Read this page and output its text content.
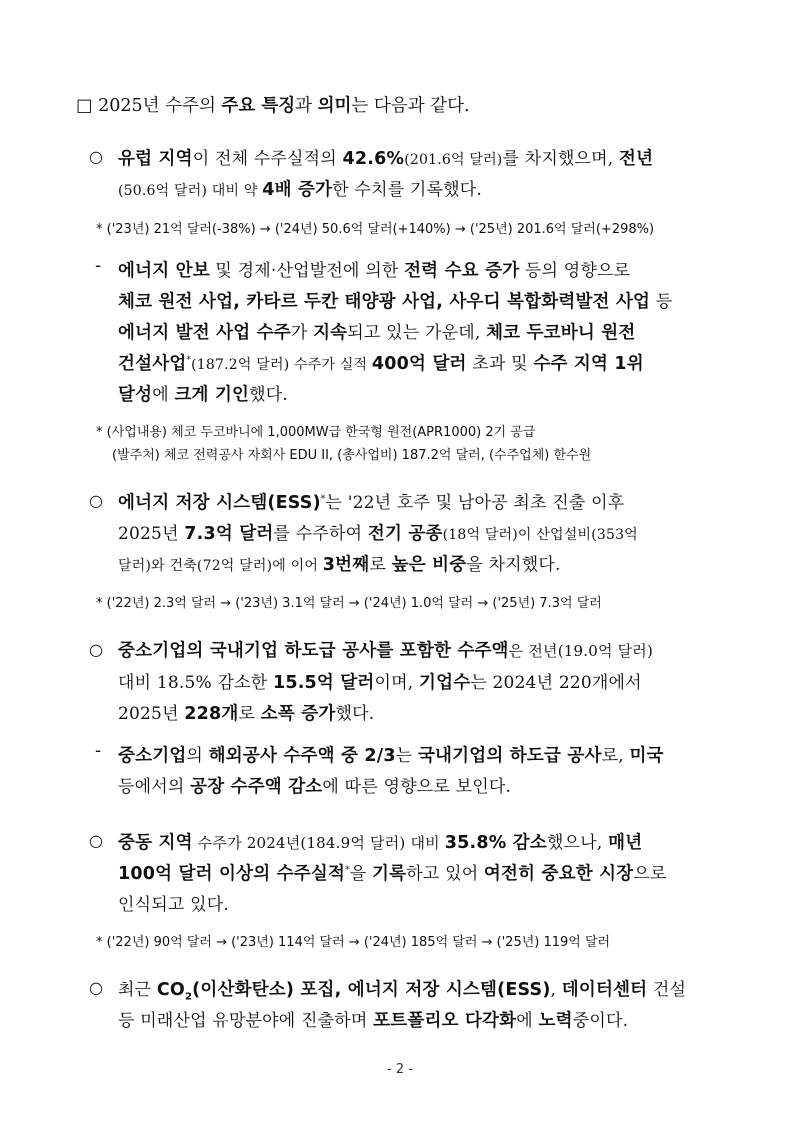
□ 2025년 수주의 주요 특징과 의미는 다음과 같다.
○ 유럽 지역이 전체 수주실적의 42.6%(201.6억 달러)를 차지했으며, 전년
(50.6억 달러) 대비 약 4배 증가한 수치를 기록했다.
* ('23년) 21억 달러(-38%) → ('24년) 50.6억 달러(+140%) → ('25년) 201.6억 달러(+298%)
- 에너지 안보 및 경제·산업발전에 의한 전력 수요 증가 등의 영향으로
체코 원전 사업, 카타르 두칸 태양광 사업, 사우디 복합화력발전 사업 등
에너지 발전 사업 수주가 지속되고 있는 가운데, 체코 두코바니 원전
건설사업*(187.2억 달러) 수주가 실적 400억 달러 초과 및 수주 지역 1위
달성에 크게 기인했다.
* (사업내용) 체코 두코바니에 1,000MW급 한국형 원전(APR1000) 2기 공급
(발주처) 체코 전력공사 자회사 EDU II, (총사업비) 187.2억 달러, (수주업체) 한수원
○ 에너지 저장 시스템(ESS)*는 '22년 호주 및 남아공 최초 진출 이후
2025년 7.3억 달러를 수주하여 전기 공종(18억 달러)이 산업설비(353억
달러)와 건축(72억 달러)에 이어 3번째로 높은 비중을 차지했다.
* ('22년) 2.3억 달러 → ('23년) 3.1억 달러 → ('24년) 1.0억 달러 → ('25년) 7.3억 달러
○ 중소기업의 국내기업 하도급 공사를 포함한 수주액은 전년(19.0억 달러)
대비 18.5% 감소한 15.5억 달러이며, 기업수는 2024년 220개에서
2025년 228개로 소폭 증가했다.
- 중소기업의 해외공사 수주액 중 2/3는 국내기업의 하도급 공사로, 미국
등에서의 공장 수주액 감소에 따른 영향으로 보인다.
○ 중동 지역 수주가 2024년(184.9억 달러) 대비 35.8% 감소했으나, 매년
100억 달러 이상의 수주실적*을 기록하고 있어 여전히 중요한 시장으로
인식되고 있다.
* ('22년) 90억 달러 → ('23년) 114억 달러 → ('24년) 185억 달러 → ('25년) 119억 달러
○ 최근 $CO_2$(이산화탄소) 포집, 에너지 저장 시스템(ESS), 데이터센터 건설
등 미래산업 유망분야에 진출하며 포트폴리오 다각화에 노력중이다.
- 2 -
